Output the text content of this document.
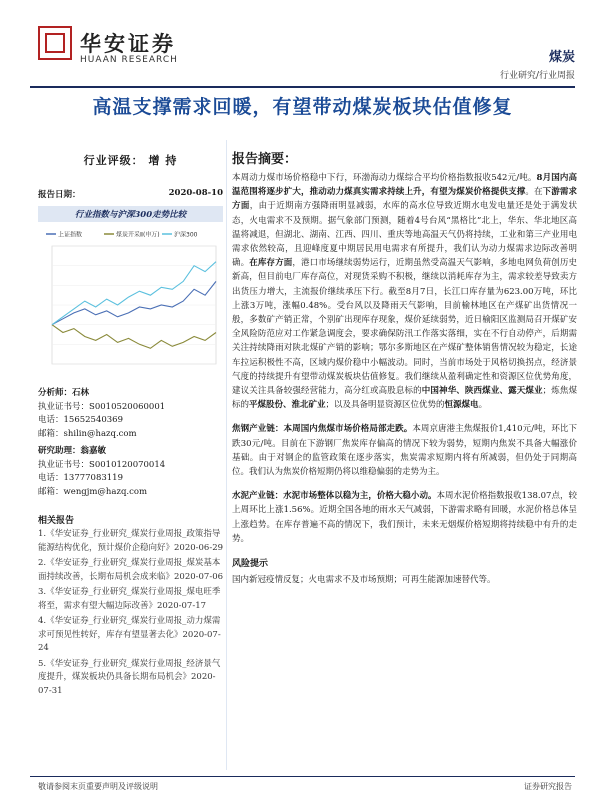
华安证券
HUAAN RESEARCH	煤炭
行业研究/行业周报
高温支撑需求回暖，有望带动煤炭板块估值修复
行业评级： 增 持
报告日期：	2020-08-10
行业指数与沪深300走势比较
上证指数	煤炭开采Ⅱ(申万) 沪深300
分析师：石林
执业证书号：S0010520060001
电话：15652540369
邮箱：shilin@hazq.com
研究助理：翁嘉敏
执业证书号：S0010120070014
电话：13777083119
邮箱：wengjm@hazq.com
相关报告
1.《华安证券_行业研究_煤炭行业周报_政策指导能源结构优化，预计煤价企稳向好》2020-06-29
2.《华安证券_行业研究_煤炭行业周报_煤炭基本面持续改善，长期布局机会成来临》2020-07-06
3.《华安证券_行业研究_煤炭行业周报_煤电旺季将至，需求有望大幅边际改善》2020-07-17
4.《华安证券_行业研究_煤炭行业周报_动力煤需求可预见性转好，库存有望显著去化》2020-07-24
5.《华安证券_行业研究_煤炭行业周报_经济景气度提升，煤炭板块仍具备长期布局机会》2020-07-31
报告摘要：
本周动力煤市场价格稳中下行，环渤海动力煤综合平均价格指数报收542元/吨。8月国内高温范围将逐步扩大，推动动力煤真实需求持续上升，有望为煤炭价格提供支撑。在下游需求方面，由于近期南方强降雨明显减弱，水库的高水位导致近期水电发电量还是处于满发状态，火电需求不及预期。据气象部门预测，随着4号台风“黑格比”北上，华东、华北地区高温将减退，但湖北、湖南、江西、四川、重庆等地高温天气仍将持续，工业和第三产业用电需求依然较高，且迎峰度夏中期居民用电需求有所提升，我们认为动力煤需求边际改善明确。在库存方面，港口市场继续弱势运行，近期虽然受高温天气影响，多地电网负荷创历史新高，但目前电厂库存高位，对现货采购不积极，继续以消耗库存为主，需求较差导致卖方出货压力增大，主流报价继续承压下行。截至8月7日，长江口库存量为623.00万吨，环比上涨3万吨，涨幅0.48%。受台风以及降雨天气影响，目前榆林地区在产煤矿出货情况一般，多数矿产销正常，个别矿出现库存现象，煤价延续弱势，近日榆阳区监测局召开煤矿安全风险防范应对工作紧急调度会，要求确保防汛工作落实落细，实在不行自动停产，后期需关注持续降雨对陕北煤矿产销的影响；鄂尔多斯地区在产煤矿整体销售情况较为稳定，长途车拉运积极性不高，区域内煤价稳中小幅波动。同时，当前市场处于风格切换拐点，经济景气度的持续提升有望带动煤炭板块估值修复。我们继续从盈利确定性和资源区位优势角度，建议关注具备较强经营能力，高分红或高股息标的中国神华、陕西煤业、露天煤业；炼焦煤标的平煤股份、淮北矿业；以及具备明显资源区位优势的恒源煤电。
焦钢产业链：本周国内焦煤市场价格局部走跌。本周京唐港主焦煤报价1,410元/吨，环比下跌30元/吨。目前在下游钢厂焦炭库存偏高的情况下较为弱势，短期内焦炭不具备大幅涨价基础。由于对钢企的监管政策在逐步落实，焦炭需求短期内将有所减弱，但仍处于同期高位。我们认为焦炭价格短期仍将以维稳偏弱的走势为主。
水泥产业链：水泥市场整体以稳为主，价格大稳小动。本周水泥价格指数报收138.07点，较上周环比上涨1.56%。近期全国各地的雨水天气减弱，下游需求略有回暖，水泥价格总体呈上涨趋势。在库存普遍不高的情况下，我们预计，未来无烟煤价格短期将持续稳中有升的走势。
风险提示
国内新冠疫情反复；火电需求不及市场预期；可再生能源加速替代等。
敬请参阅末页重要声明及评级说明	证券研究报告
